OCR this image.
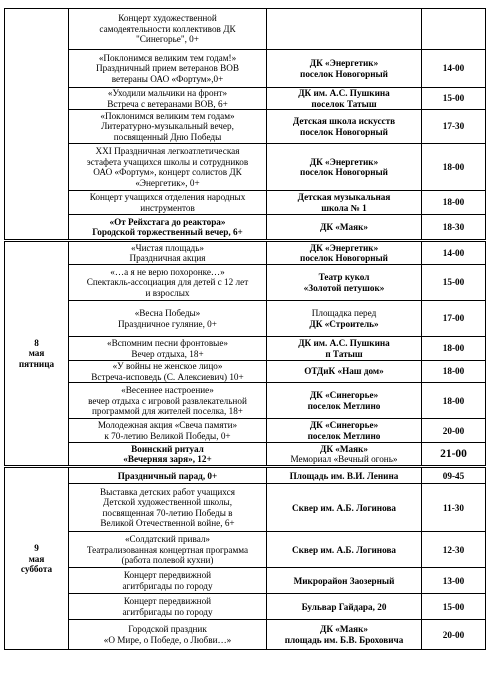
	Концерт художественной
самодеятельности коллективов ДК
"Синегорье", 0+		

	«Поклонимся великим тем годам!»
Праздничный прием ветеранов ВОВ
ветераны ОАО «Фортум»,0+	ДК «Энергетик»
поселок Новогорный	14-00

	«Уходили мальчики на фронт»
Встреча с ветеранами ВОВ, 6+	ДК им. А.С. Пушкина
поселок Татыш	15-00

	«Поклонимся великим тем годам»
Литературно-музыкальный вечер,
посвященный Дню Победы	Детская школа искусств
поселок Новогорный	17-30

	XXI Праздничная легкоатлетическая
эстафета учащихся школы и сотрудников
ОАО «Фортум», концерт солистов ДК
«Энергетик», 0+	ДК «Энергетик»
поселок Новогорный	18-00

	Концерт учащихся отделения народных
инструментов	Детская музыкальная
школа № 1	18-00

	«От Рейхстага до реактора»
Городской торжественный вечер, 6+	ДК «Маяк»	18-30

8
мая
пятница	«Чистая площадь»
Праздничная акция	ДК «Энергетик»
поселок Новогорный	14-00

	«…а я не верю похоронке…»
Спектакль-ассоциация для детей с 12 лет
и взрослых	Театр кукол
«Золотой петушок»	15-00

	«Весна Победы»
Праздничное гуляние, 0+	Площадка перед
ДК «Строитель»	17-00

	«Вспомним песни фронтовые»
Вечер отдыха, 18+	ДК им. А.С. Пушкина
п Татыш	18-00

	«У войны не женское лицо»
Встреча-исповедь (С. Алексиевич) 10+	ОТДиК «Наш дом»	18-00

	«Весеннее настроение»
вечер отдыха с игровой развлекательной
программой для жителей поселка, 18+	ДК «Синегорье»
поселок Метлино	18-00

	Молодежная акция «Свеча памяти»
к 70-летию Великой Победы, 0+	ДК «Синегорье»
поселок Метлино	20-00

	Воинский ритуал
«Вечерняя заря», 12+	ДК «Маяк»
Мемориал «Вечный огонь»	21-00

9
мая
суббота	Праздничный парад, 0+	Площадь им. В.И. Ленина	09-45

	Выставка детских работ учащихся
Детской художественной школы,
посвященная 70-летию Победы в
Великой Отечественной войне, 6+	Сквер им. А.Б. Логинова	11-30

	«Солдатский привал»
Театрализованная концертная программа
(работа полевой кухни)	Сквер им. А.Б. Логинова	12-30

	Концерт передвижной
агитбригады по городу	Микрорайон Заозерный	13-00

	Концерт передвижной
агитбригады по городу	Бульвар Гайдара, 20	15-00

	Городской праздник
«О Мире, о Победе, о Любви…»	ДК «Маяк»
площадь им. Б.В. Броховича	20-00
